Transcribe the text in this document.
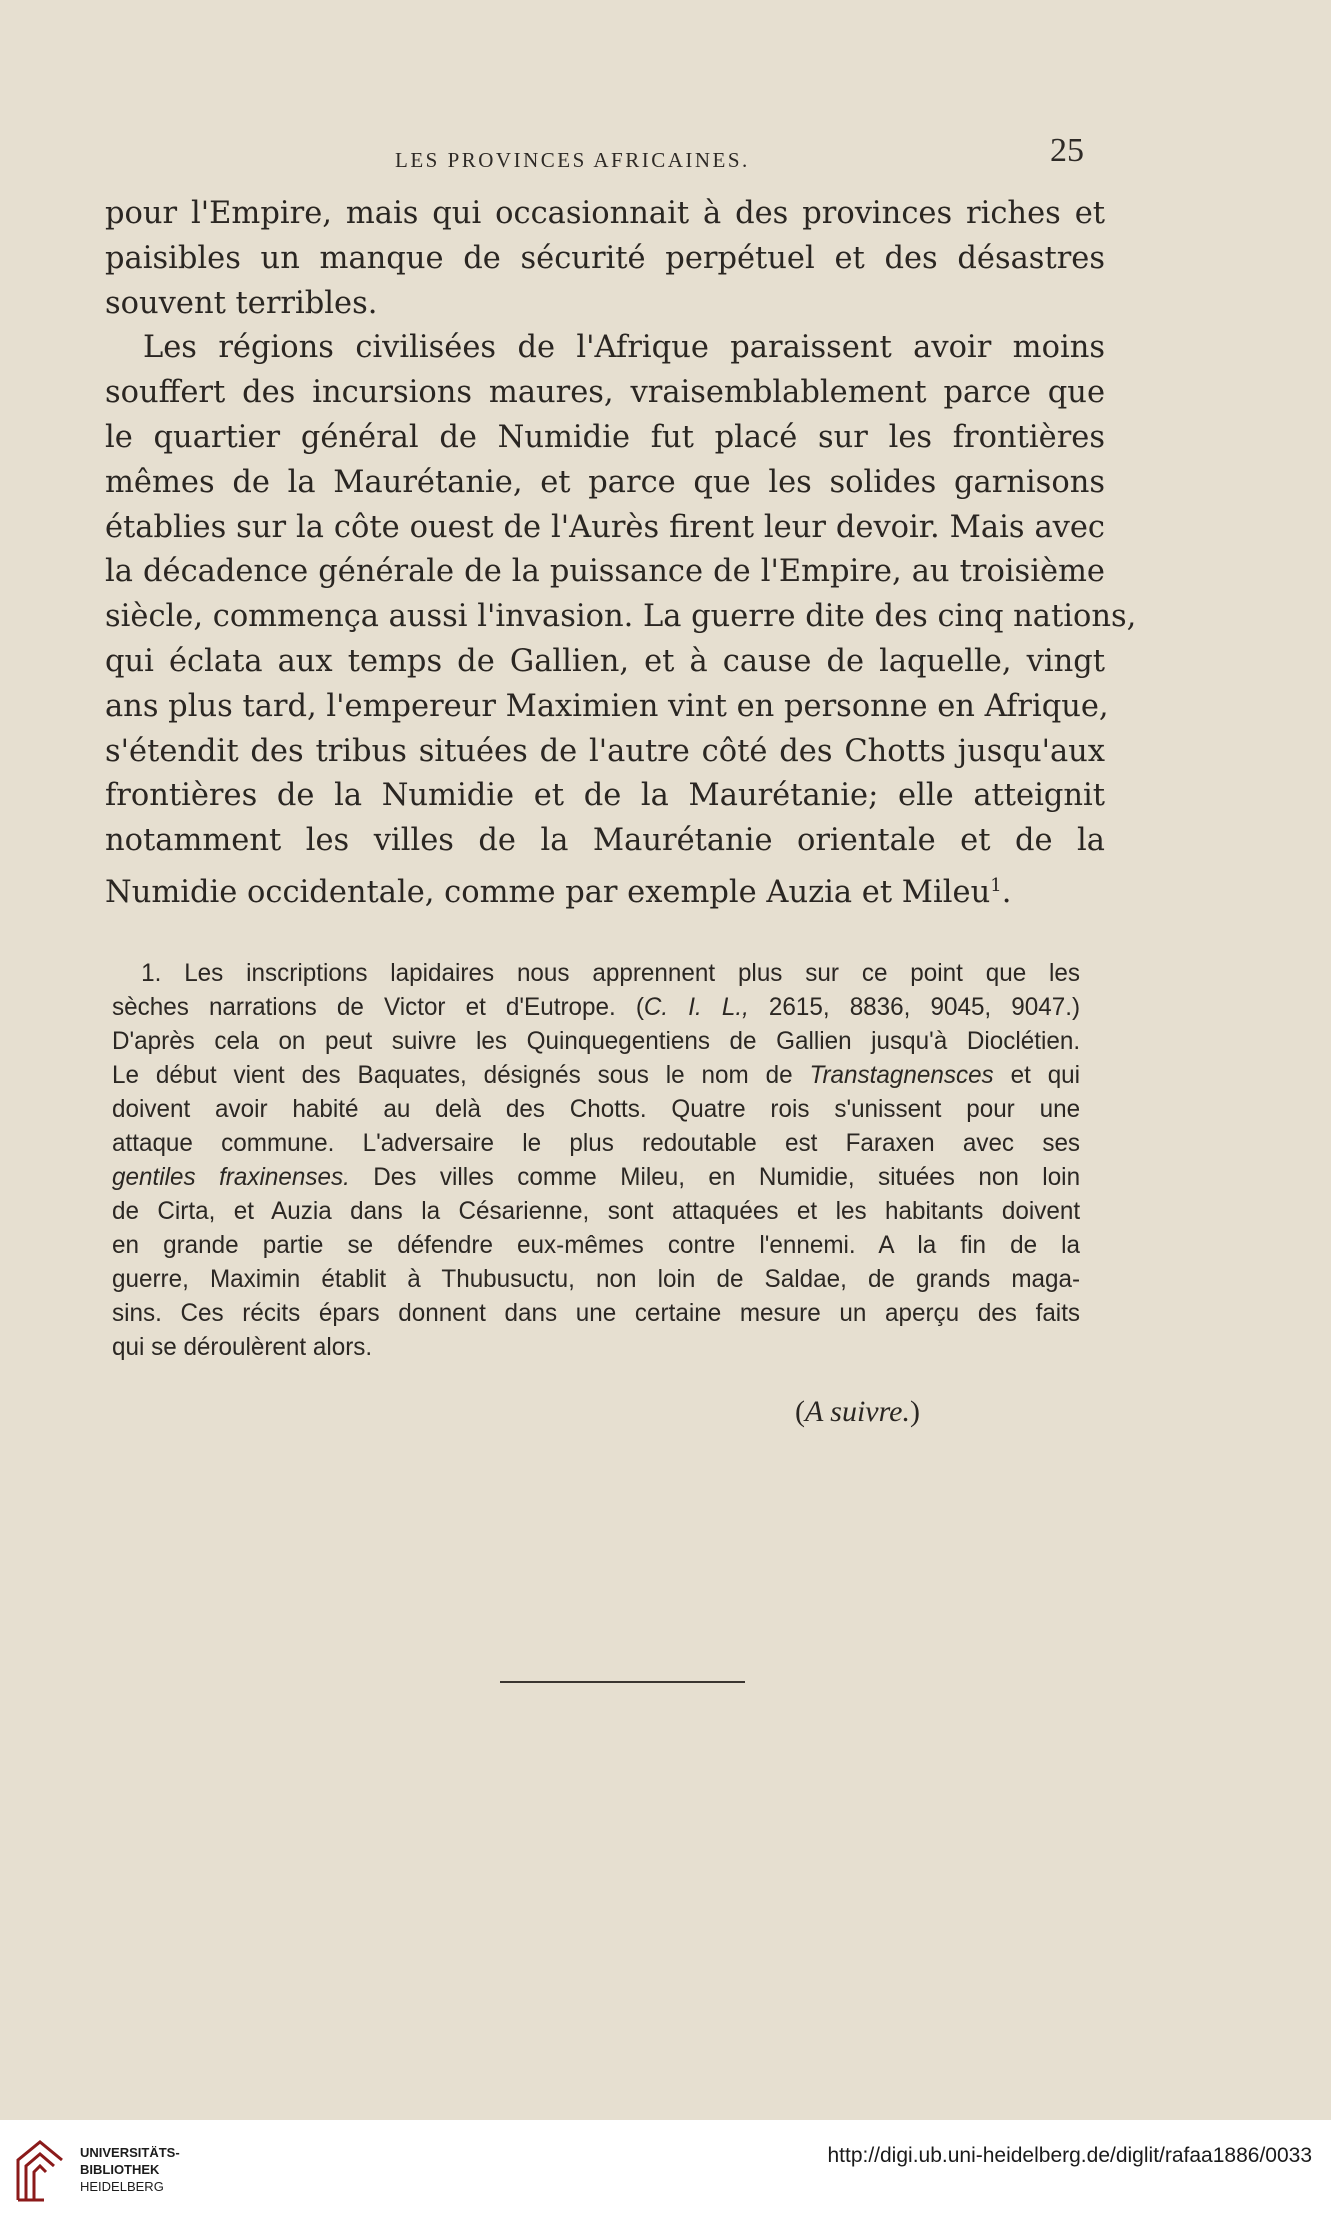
LES PROVINCES AFRICAINES.	25

pour l'Empire, mais qui occasionnait à des provinces riches et

paisibles un manque de sécurité perpétuel et des désastres

souvent terribles.

Les régions civilisées de l'Afrique paraissent avoir moins

souffert des incursions maures, vraisemblablement parce que

le quartier général de Numidie fut placé sur les frontières

mêmes de la Maurétanie, et parce que les solides garnisons

établies sur la côte ouest de l'Aurès firent leur devoir. Mais avec

la décadence générale de la puissance de l'Empire, au troisième

siècle, commença aussi l'invasion. La guerre dite des cinq nations,

qui éclata aux temps de Gallien, et à cause de laquelle, vingt

ans plus tard, l'empereur Maximien vint en personne en Afrique,

s'étendit des tribus situées de l'autre côté des Chotts jusqu'aux

frontières de la Numidie et de la Maurétanie; elle atteignit

notamment les villes de la Maurétanie orientale et de la

Numidie occidentale, comme par exemple Auzia et Mileu$^1$.

1. Les inscriptions lapidaires nous apprennent plus sur ce point que les

sèches narrations de Victor et d'Eutrope. (C. I. L., 2615, 8836, 9045, 9047.)

D'après cela on peut suivre les Quinquegentiens de Gallien jusqu'à Dioclétien.

Le début vient des Baquates, désignés sous le nom de Transtagnensces et qui

doivent avoir habité au delà des Chotts. Quatre rois s'unissent pour une

attaque commune. L'adversaire le plus redoutable est Faraxen avec ses

gentiles fraxinenses. Des villes comme Mileu, en Numidie, situées non loin

de Cirta, et Auzia dans la Césarienne, sont attaquées et les habitants doivent

en grande partie se défendre eux-mêmes contre l'ennemi. A la fin de la

guerre, Maximin établit à Thubusuctu, non loin de Saldae, de grands maga-

sins. Ces récits épars donnent dans une certaine mesure un aperçu des faits

qui se déroulèrent alors.

(A suivre.)
UNIVERSITÄTS-
BIBLIOTHEK
HEIDELBERG
http://digi.ub.uni-heidelberg.de/diglit/rafaa1886/0033
